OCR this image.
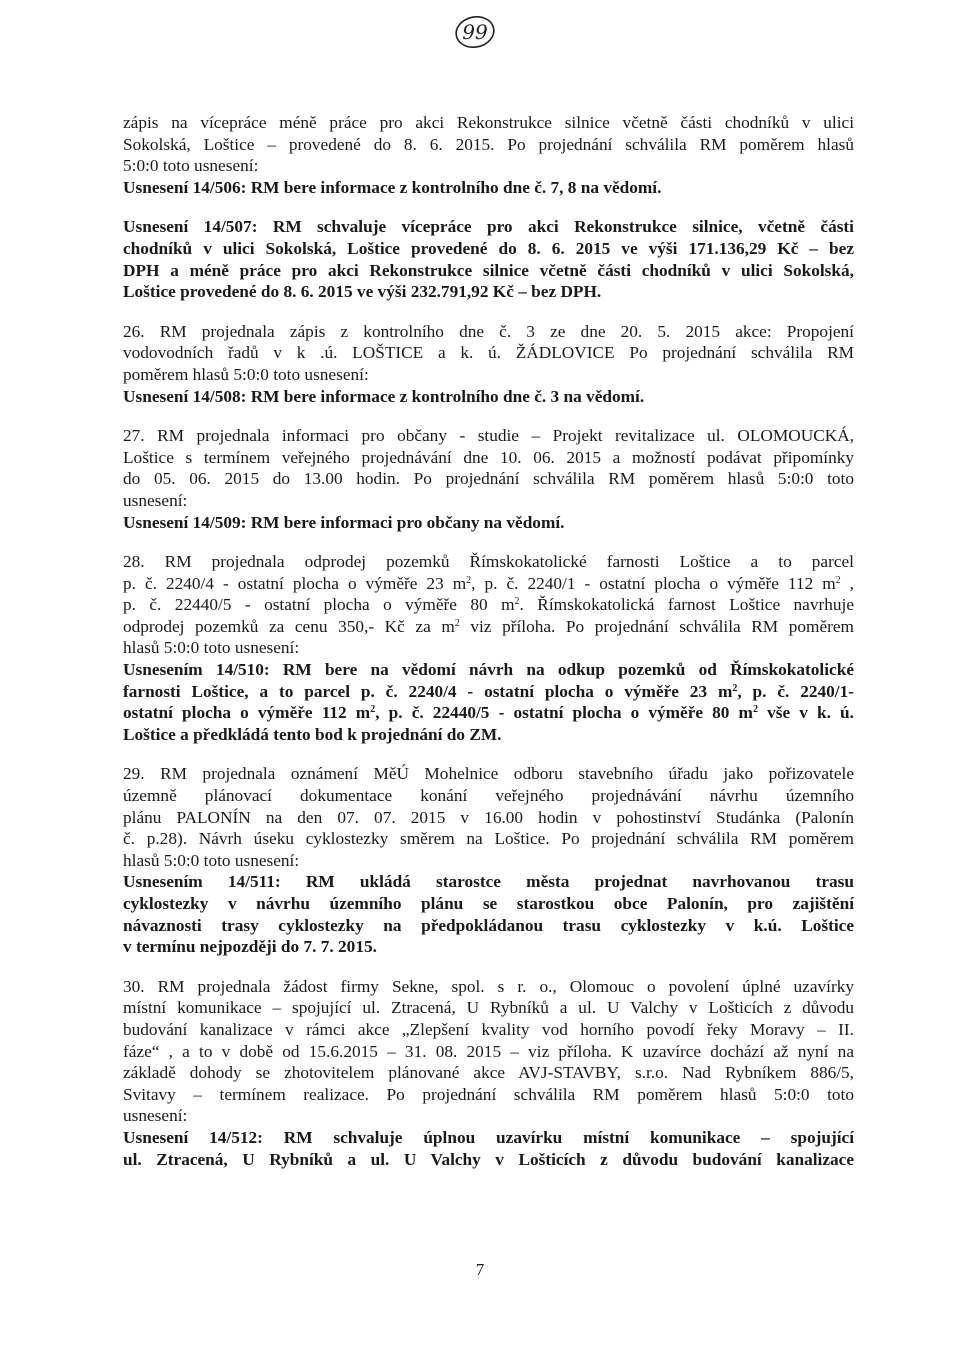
99
zápis na vícepráce méně práce pro akci Rekonstrukce silnice včetně části chodníků v ulici
Sokolská, Loštice – provedené do 8. 6. 2015. Po projednání schválila RM poměrem hlasů
5:0:0 toto usnesení:
Usnesení 14/506: RM bere informace z kontrolního dne č. 7, 8 na vědomí.
Usnesení 14/507: RM schvaluje vícepráce pro akci Rekonstrukce silnice, včetně části
chodníků v ulici Sokolská, Loštice provedené do 8. 6. 2015 ve výši 171.136,29 Kč – bez
DPH a méně práce pro akci Rekonstrukce silnice včetně části chodníků v ulici Sokolská,
Loštice provedené do 8. 6. 2015 ve výši 232.791,92 Kč – bez DPH.
26. RM projednala zápis z kontrolního dne č. 3 ze dne 20. 5. 2015 akce: Propojení
vodovodních řadů v k .ú. LOŠTICE a k. ú. ŽÁDLOVICE Po projednání schválila RM
poměrem hlasů 5:0:0 toto usnesení:
Usnesení 14/508: RM bere informace z kontrolního dne č. 3 na vědomí.
27. RM projednala informaci pro občany - studie – Projekt revitalizace ul. OLOMOUCKÁ,
Loštice s termínem veřejného projednávání dne 10. 06. 2015 a možností podávat připomínky
do 05. 06. 2015 do 13.00 hodin. Po projednání schválila RM poměrem hlasů 5:0:0 toto
usnesení:
Usnesení 14/509: RM bere informaci pro občany na vědomí.
28. RM projednala odprodej pozemků Římskokatolické farnosti Loštice a to parcel
p. č. 2240/4 - ostatní plocha o výměře 23 $m^2$, p. č. 2240/1 - ostatní plocha o výměře 112 $m^2$ ,
p. č. 22440/5 - ostatní plocha o výměře 80 $m^2$. Římskokatolická farnost Loštice navrhuje
odprodej pozemků za cenu 350,- Kč za $m^2$ viz příloha. Po projednání schválila RM poměrem
hlasů 5:0:0 toto usnesení:
Usnesením 14/510: RM bere na vědomí návrh na odkup pozemků od Římskokatolické
farnosti Loštice, a to parcel p. č. 2240/4 - ostatní plocha o výměře 23 $m^2$, p. č. 2240/1-
ostatní plocha o výměře 112 $m^2$, p. č. 22440/5 - ostatní plocha o výměře 80 $m^2$ vše v k. ú.
Loštice a předkládá tento bod k projednání do ZM.
29. RM projednala oznámení MěÚ Mohelnice odboru stavebního úřadu jako pořizovatele
územně plánovací dokumentace konání veřejného projednávání návrhu územního
plánu PALONÍN na den 07. 07. 2015 v 16.00 hodin v pohostinství Studánka (Palonín
č. p.28). Návrh úseku cyklostezky směrem na Loštice. Po projednání schválila RM poměrem
hlasů 5:0:0 toto usnesení:
Usnesením 14/511: RM ukládá starostce města projednat navrhovanou trasu
cyklostezky v návrhu územního plánu se starostkou obce Palonín, pro zajištění
návaznosti trasy cyklostezky na předpokládanou trasu cyklostezky v k.ú. Loštice
v termínu nejpozději do 7. 7. 2015.
30. RM projednala žádost firmy Sekne, spol. s r. o., Olomouc o povolení úplné uzavírky
místní komunikace – spojující ul. Ztracená, U Rybníků a ul. U Valchy v Lošticích z důvodu
budování kanalizace v rámci akce „Zlepšení kvality vod horního povodí řeky Moravy – II.
fáze“ , a to v době od 15.6.2015 – 31. 08. 2015 – viz příloha. K uzavírce dochází až nyní na
základě dohody se zhotovitelem plánované akce AVJ-STAVBY, s.r.o. Nad Rybníkem 886/5,
Svitavy – termínem realizace. Po projednání schválila RM poměrem hlasů 5:0:0 toto
usnesení:
Usnesení 14/512: RM schvaluje úplnou uzavírku místní komunikace – spojující
ul. Ztracená, U Rybníků a ul. U Valchy v Lošticích z důvodu budování kanalizace
7
